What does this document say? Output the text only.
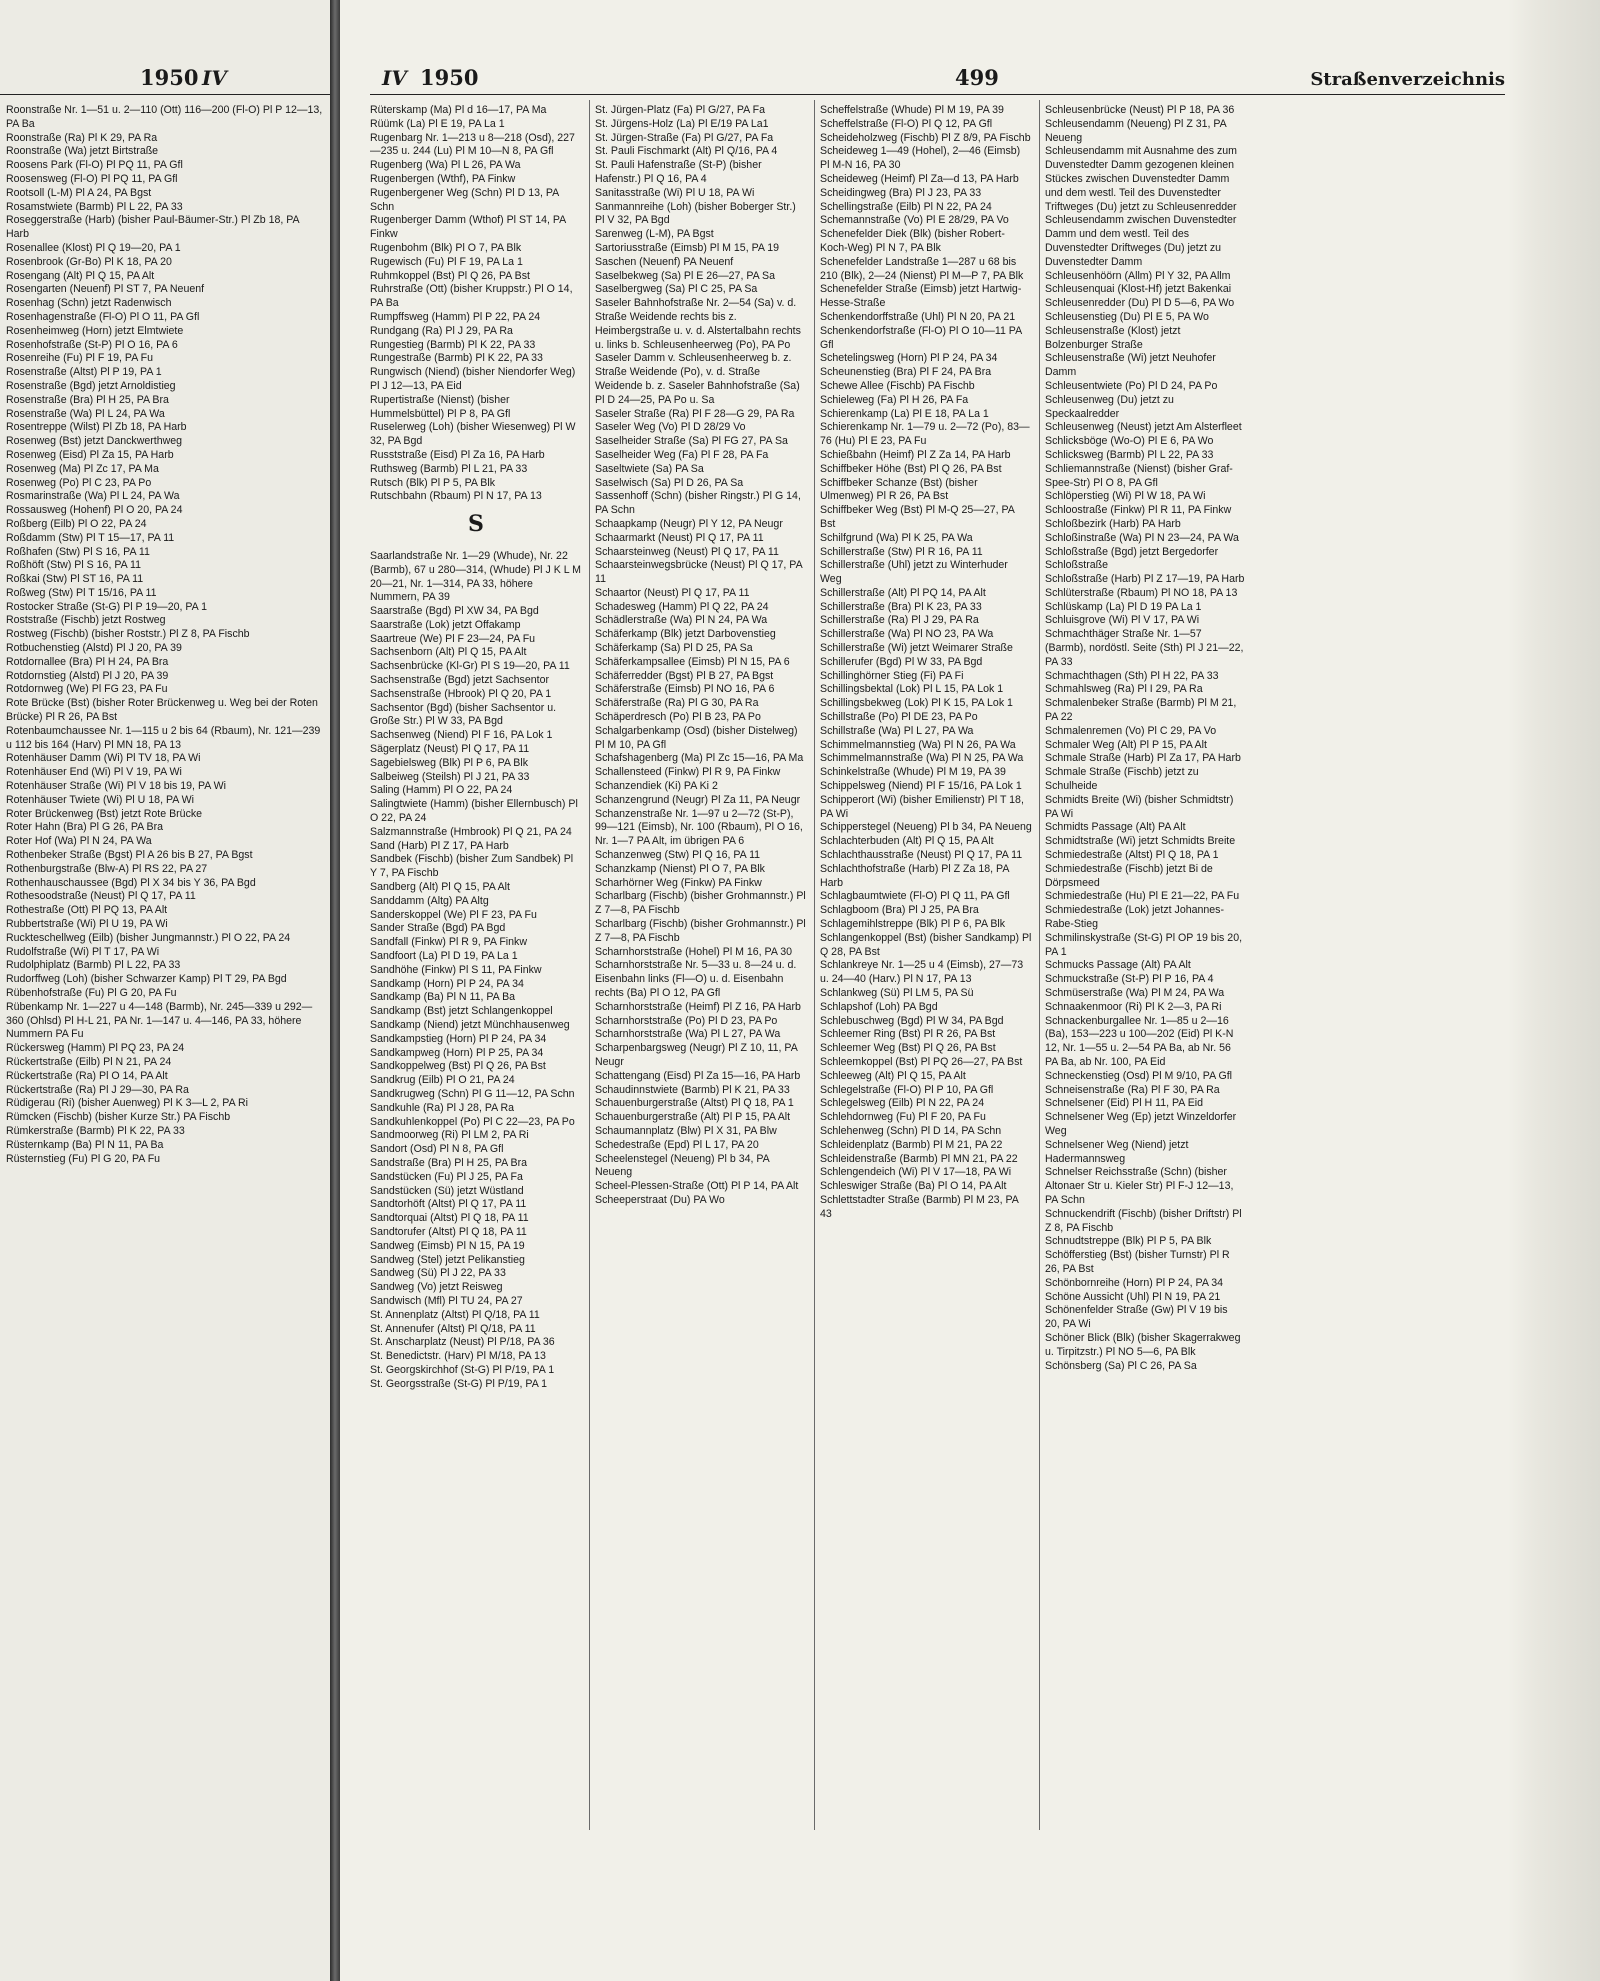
1950 IV
Roonstraße Nr. 1—51 u. 2—110 (Ott) 116—200 (Fl-O) Pl P 12—13, PA Ba
Roonstraße (Ra) Pl K 29, PA Ra
Roonstraße (Wa) jetzt Birtstraße
Roosens Park (Fl-O) Pl PQ 11, PA Gfl
Roosensweg (Fl-O) Pl PQ 11, PA Gfl
Rootsoll (L-M) Pl A 24, PA Bgst
Rosamstwiete (Barmb) Pl L 22, PA 33
Roseggerstraße (Harb) (bisher Paul-Bäumer-Str.) Pl Zb 18, PA Harb
Rosenallee (Klost) Pl Q 19—20, PA 1
Rosenbrook (Gr-Bo) Pl K 18, PA 20
Rosengang (Alt) Pl Q 15, PA Alt
Rosengarten (Neuenf) Pl ST 7, PA Neuenf
Rosenhag (Schn) jetzt Radenwisch
Rosenhagenstraße (Fl-O) Pl O 11, PA Gfl
Rosenheimweg (Horn) jetzt Elmtwiete
Rosenhofstraße (St-P) Pl O 16, PA 6
Rosenreihe (Fu) Pl F 19, PA Fu
Rosenstraße (Altst) Pl P 19, PA 1
Rosenstraße (Bgd) jetzt Arnoldistieg
Rosenstraße (Bra) Pl H 25, PA Bra
Rosenstraße (Wa) Pl L 24, PA Wa
Rosentreppe (Wilst) Pl Zb 18, PA Harb
Rosenweg (Bst) jetzt Danckwerthweg
Rosenweg (Eisd) Pl Za 15, PA Harb
Rosenweg (Ma) Pl Zc 17, PA Ma
Rosenweg (Po) Pl C 23, PA Po
Rosmarinstraße (Wa) Pl L 24, PA Wa
Rossausweg (Hohenf) Pl O 20, PA 24
Roßberg (Eilb) Pl O 22, PA 24
Roßdamm (Stw) Pl T 15—17, PA 11
Roßhafen (Stw) Pl S 16, PA 11
Roßhöft (Stw) Pl S 16, PA 11
Roßkai (Stw) Pl ST 16, PA 11
Roßweg (Stw) Pl T 15/16, PA 11
Rostocker Straße (St-G) Pl P 19—20, PA 1
Roststraße (Fischb) jetzt Rostweg
Rostweg (Fischb) (bisher Roststr.) Pl Z 8, PA Fischb
Rotbuchenstieg (Alstd) Pl J 20, PA 39
Rotdornallee (Bra) Pl H 24, PA Bra
Rotdornstieg (Alstd) Pl J 20, PA 39
Rotdornweg (We) Pl FG 23, PA Fu
Rote Brücke (Bst) (bisher Roter Brückenweg u. Weg bei der Roten Brücke) Pl R 26, PA Bst
Rotenbaumchaussee Nr. 1—115 u 2 bis 64 (Rbaum), Nr. 121—239 u 112 bis 164 (Harv) Pl MN 18, PA 13
Rotenhäuser Damm (Wi) Pl TV 18, PA Wi
Rotenhäuser End (Wi) Pl V 19, PA Wi
Rotenhäuser Straße (Wi) Pl V 18 bis 19, PA Wi
Rotenhäuser Twiete (Wi) Pl U 18, PA Wi
Roter Brückenweg (Bst) jetzt Rote Brücke
Roter Hahn (Bra) Pl G 26, PA Bra
Roter Hof (Wa) Pl N 24, PA Wa
Rothenbeker Straße (Bgst) Pl A 26 bis B 27, PA Bgst
Rothenburgstraße (Blw-A) Pl RS 22, PA 27
Rothenhauschaussee (Bgd) Pl X 34 bis Y 36, PA Bgd
Rothesoodstraße (Neust) Pl Q 17, PA 11
Rothestraße (Ott) Pl PQ 13, PA Alt
Rubbertstraße (Wi) Pl U 19, PA Wi
Ruckteschellweg (Eilb) (bisher Jungmannstr.) Pl O 22, PA 24
Rudolfstraße (Wi) Pl T 17, PA Wi
Rudolphiplatz (Barmb) Pl L 22, PA 33
Rudorffweg (Loh) (bisher Schwarzer Kamp) Pl T 29, PA Bgd
Rübenhofstraße (Fu) Pl G 20, PA Fu
Rübenkamp Nr. 1—227 u 4—148 (Barmb), Nr. 245—339 u 292—360 (Ohlsd) Pl H-L 21, PA Nr. 1—147 u. 4—146, PA 33, höhere Nummern PA Fu
Rückersweg (Hamm) Pl PQ 23, PA 24
Rückertstraße (Eilb) Pl N 21, PA 24
Rückertstraße (Ra) Pl O 14, PA Alt
Rückertstraße (Ra) Pl J 29—30, PA Ra
Rüdigerau (Ri) (bisher Auenweg) Pl K 3—L 2, PA Ri
Rümcken (Fischb) (bisher Kurze Str.) PA Fischb
Rümkerstraße (Barmb) Pl K 22, PA 33
Rüsternkamp (Ba) Pl N 11, PA Ba
Rüsternstieg (Fu) Pl G 20, PA Fu
IV 1950	499	Straßenverzeichnis
Rüterskamp (Ma) Pl d 16—17, PA Ma
Rüümk (La) Pl E 19, PA La 1
Rugenbarg Nr. 1—213 u 8—218 (Osd), 227—235 u. 244 (Lu) Pl M 10—N 8, PA Gfl
Rugenberg (Wa) Pl L 26, PA Wa
Rugenbergen (Wthf), PA Finkw
Rugenbergener Weg (Schn) Pl D 13, PA Schn
Rugenberger Damm (Wthof) Pl ST 14, PA Finkw
Rugenbohm (Blk) Pl O 7, PA Blk
Rugewisch (Fu) Pl F 19, PA La 1
Ruhmkoppel (Bst) Pl Q 26, PA Bst
Ruhrstraße (Ott) (bisher Kruppstr.) Pl O 14, PA Ba
Rumpffsweg (Hamm) Pl P 22, PA 24
Rundgang (Ra) Pl J 29, PA Ra
Rungestieg (Barmb) Pl K 22, PA 33
Rungestraße (Barmb) Pl K 22, PA 33
Rungwisch (Niend) (bisher Niendorfer Weg) Pl J 12—13, PA Eid
Rupertistraße (Nienst) (bisher Hummelsbüttel) Pl P 8, PA Gfl
Ruselerweg (Loh) (bisher Wiesenweg) Pl W 32, PA Bgd
Rusststraße (Eisd) Pl Za 16, PA Harb
Ruthsweg (Barmb) Pl L 21, PA 33
Rutsch (Blk) Pl P 5, PA Blk
Rutschbahn (Rbaum) Pl N 17, PA 13
S
Saarlandstraße Nr. 1—29 (Whude), Nr. 22 (Barmb), 67 u 280—314, (Whude) Pl J K L M 20—21, Nr. 1—314, PA 33, höhere Nummern, PA 39
Saarstraße (Bgd) Pl XW 34, PA Bgd
Saarstraße (Lok) jetzt Offakamp
Saartreue (We) Pl F 23—24, PA Fu
Sachsenborn (Alt) Pl Q 15, PA Alt
Sachsenbrücke (Kl-Gr) Pl S 19—20, PA 11
Sachsenstraße (Bgd) jetzt Sachsentor
Sachsenstraße (Hbrook) Pl Q 20, PA 1
Sachsentor (Bgd) (bisher Sachsentor u. Große Str.) Pl W 33, PA Bgd
Sachsenweg (Niend) Pl F 16, PA Lok 1
Sägerplatz (Neust) Pl Q 17, PA 11
Sagebielsweg (Blk) Pl P 6, PA Blk
Salbeiweg (Steilsh) Pl J 21, PA 33
Saling (Hamm) Pl O 22, PA 24
Salingtwiete (Hamm) (bisher Ellernbusch) Pl O 22, PA 24
Salzmannstraße (Hmbrook) Pl Q 21, PA 24
Sand (Harb) Pl Z 17, PA Harb
Sandbek (Fischb) (bisher Zum Sandbek) Pl Y 7, PA Fischb
Sandberg (Alt) Pl Q 15, PA Alt
Sanddamm (Altg) PA Altg
Sanderskoppel (We) Pl F 23, PA Fu
Sander Straße (Bgd) PA Bgd
Sandfall (Finkw) Pl R 9, PA Finkw
Sandfoort (La) Pl D 19, PA La 1
Sandhöhe (Finkw) Pl S 11, PA Finkw
Sandkamp (Horn) Pl P 24, PA 34
Sandkamp (Ba) Pl N 11, PA Ba
Sandkamp (Bst) jetzt Schlangenkoppel
Sandkamp (Niend) jetzt Münchhausenweg
Sandkampstieg (Horn) Pl P 24, PA 34
Sandkampweg (Horn) Pl P 25, PA 34
Sandkoppelweg (Bst) Pl Q 26, PA Bst
Sandkrug (Eilb) Pl O 21, PA 24
Sandkrugweg (Schn) Pl G 11—12, PA Schn
Sandkuhle (Ra) Pl J 28, PA Ra
Sandkuhlenkoppel (Po) Pl C 22—23, PA Po
Sandmoorweg (Ri) Pl LM 2, PA Ri
Sandort (Osd) Pl N 8, PA Gfl
Sandstraße (Bra) Pl H 25, PA Bra
Sandstücken (Fu) Pl J 25, PA Fa
Sandstücken (Sü) jetzt Wüstland
Sandtorhöft (Altst) Pl Q 17, PA 11
Sandtorquai (Altst) Pl Q 18, PA 11
Sandtorufer (Altst) Pl Q 18, PA 11
Sandweg (Eimsb) Pl N 15, PA 19
Sandweg (Stel) jetzt Pelikanstieg
Sandweg (Sü) Pl J 22, PA 33
Sandweg (Vo) jetzt Reisweg
Sandwisch (Mfl) Pl TU 24, PA 27
St. Annenplatz (Altst) Pl Q/18, PA 11
St. Annenufer (Altst) Pl Q/18, PA 11
St. Anscharplatz (Neust) Pl P/18, PA 36
St. Benedictstr. (Harv) Pl M/18, PA 13
St. Georgskirchhof (St-G) Pl P/19, PA 1
St. Georgsstraße (St-G) Pl P/19, PA 1
St. Jürgen-Platz (Fa) Pl G/27, PA Fa
St. Jürgens-Holz (La) Pl E/19 PA La1
St. Jürgen-Straße (Fa) Pl G/27, PA Fa
St. Pauli Fischmarkt (Alt) Pl Q/16, PA 4
St. Pauli Hafenstraße (St-P) (bisher Hafenstr.) Pl Q 16, PA 4
Sanitasstraße (Wi) Pl U 18, PA Wi
Sanmannreihe (Loh) (bisher Boberger Str.) Pl V 32, PA Bgd
Sarenweg (L-M), PA Bgst
Sartoriusstraße (Eimsb) Pl M 15, PA 19
Saschen (Neuenf) PA Neuenf
Saselbekweg (Sa) Pl E 26—27, PA Sa
Saselbergweg (Sa) Pl C 25, PA Sa
Saseler Bahnhofstraße Nr. 2—54 (Sa) v. d. Straße Weidende rechts bis z. Heimbergstraße u. v. d. Alstertalbahn rechts u. links b. Schleusenheerweg (Po), PA Po
Saseler Damm v. Schleusenheerweg b. z. Straße Weidende (Po), v. d. Straße Weidende b. z. Saseler Bahnhofstraße (Sa) Pl D 24—25, PA Po u. Sa
Saseler Straße (Ra) Pl F 28—G 29, PA Ra
Saseler Weg (Vo) Pl D 28/29 Vo
Saselheider Straße (Sa) Pl FG 27, PA Sa
Saselheider Weg (Fa) Pl F 28, PA Fa
Saseltwiete (Sa) PA Sa
Saselwisch (Sa) Pl D 26, PA Sa
Sassenhoff (Schn) (bisher Ringstr.) Pl G 14, PA Schn
Schaapkamp (Neugr) Pl Y 12, PA Neugr
Schaarmarkt (Neust) Pl Q 17, PA 11
Schaarsteinweg (Neust) Pl Q 17, PA 11
Schaarsteinwegsbrücke (Neust) Pl Q 17, PA 11
Schaartor (Neust) Pl Q 17, PA 11
Schadesweg (Hamm) Pl Q 22, PA 24
Schädlerstraße (Wa) Pl N 24, PA Wa
Schäferkamp (Blk) jetzt Darbovenstieg
Schäferkamp (Sa) Pl D 25, PA Sa
Schäferkampsallee (Eimsb) Pl N 15, PA 6
Schäferredder (Bgst) Pl B 27, PA Bgst
Schäferstraße (Eimsb) Pl NO 16, PA 6
Schäferstraße (Ra) Pl G 30, PA Ra
Schäperdresch (Po) Pl B 23, PA Po
Schalgarbenkamp (Osd) (bisher Distelweg) Pl M 10, PA Gfl
Schafshagenberg (Ma) Pl Zc 15—16, PA Ma
Schallensteed (Finkw) Pl R 9, PA Finkw
Schanzendiek (Ki) PA Ki 2
Schanzengrund (Neugr) Pl Za 11, PA Neugr
Schanzenstraße Nr. 1—97 u 2—72 (St-P), 99—121 (Eimsb), Nr. 100 (Rbaum), Pl O 16, Nr. 1—7 PA Alt, im übrigen PA 6
Schanzenweg (Stw) Pl Q 16, PA 11
Schanzkamp (Nienst) Pl O 7, PA Blk
Scharhörner Weg (Finkw) PA Finkw
Scharlbarg (Fischb) (bisher Grohmannstr.) Pl Z 7—8, PA Fischb
Scharlbarg (Fischb) (bisher Grohmannstr.) Pl Z 7—8, PA Fischb
Scharnhorststraße (Hohel) Pl M 16, PA 30
Scharnhorststraße Nr. 5—33 u. 8—24 u. d. Eisenbahn links (Fl—O) u. d. Eisenbahn rechts (Ba) Pl O 12, PA Gfl
Scharnhorststraße (Heimf) Pl Z 16, PA Harb
Scharnhorststraße (Po) Pl D 23, PA Po
Scharnhorststraße (Wa) Pl L 27, PA Wa
Scharpenbargsweg (Neugr) Pl Z 10, 11, PA Neugr
Schattengang (Eisd) Pl Za 15—16, PA Harb
Schaudinnstwiete (Barmb) Pl K 21, PA 33
Schauenburgerstraße (Altst) Pl Q 18, PA 1
Schauenburgerstraße (Alt) Pl P 15, PA Alt
Schaumannplatz (Blw) Pl X 31, PA Blw
Schedestraße (Epd) Pl L 17, PA 20
Scheelenstegel (Neueng) Pl b 34, PA Neueng
Scheel-Plessen-Straße (Ott) Pl P 14, PA Alt
Scheeperstraat (Du) PA Wo
Scheffelstraße (Whude) Pl M 19, PA 39
Scheffelstraße (Fl-O) Pl Q 12, PA Gfl
Scheideholzweg (Fischb) Pl Z 8/9, PA Fischb
Scheideweg 1—49 (Hohel), 2—46 (Eimsb) Pl M-N 16, PA 30
Scheideweg (Heimf) Pl Za—d 13, PA Harb
Scheidingweg (Bra) Pl J 23, PA 33
Schellingstraße (Eilb) Pl N 22, PA 24
Schemannstraße (Vo) Pl E 28/29, PA Vo
Schenefelder Diek (Blk) (bisher Robert-Koch-Weg) Pl N 7, PA Blk
Schenefelder Landstraße 1—287 u 68 bis 210 (Blk), 2—24 (Nienst) Pl M—P 7, PA Blk
Schenefelder Straße (Eimsb) jetzt Hartwig-Hesse-Straße
Schenkendorffstraße (Uhl) Pl N 20, PA 21
Schenkendorfstraße (Fl-O) Pl O 10—11 PA Gfl
Schetelingsweg (Horn) Pl P 24, PA 34
Scheunenstieg (Bra) Pl F 24, PA Bra
Schewe Allee (Fischb) PA Fischb
Schieleweg (Fa) Pl H 26, PA Fa
Schierenkamp (La) Pl E 18, PA La 1
Schierenkamp Nr. 1—79 u. 2—72 (Po), 83—76 (Hu) Pl E 23, PA Fu
Schießbahn (Heimf) Pl Z Za 14, PA Harb
Schiffbeker Höhe (Bst) Pl Q 26, PA Bst
Schiffbeker Schanze (Bst) (bisher Ulmenweg) Pl R 26, PA Bst
Schiffbeker Weg (Bst) Pl M-Q 25—27, PA Bst
Schilfgrund (Wa) Pl K 25, PA Wa
Schillerstraße (Stw) Pl R 16, PA 11
Schillerstraße (Uhl) jetzt zu Winterhuder Weg
Schillerstraße (Alt) Pl PQ 14, PA Alt
Schillerstraße (Bra) Pl K 23, PA 33
Schillerstraße (Ra) Pl J 29, PA Ra
Schillerstraße (Wa) Pl NO 23, PA Wa
Schillerstraße (Wi) jetzt Weimarer Straße
Schillerufer (Bgd) Pl W 33, PA Bgd
Schillinghörner Stieg (Fi) PA Fi
Schillingsbektal (Lok) Pl L 15, PA Lok 1
Schillingsbekweg (Lok) Pl K 15, PA Lok 1
Schillstraße (Po) Pl DE 23, PA Po
Schillstraße (Wa) Pl L 27, PA Wa
Schimmelmannstieg (Wa) Pl N 26, PA Wa
Schimmelmannstraße (Wa) Pl N 25, PA Wa
Schinkelstraße (Whude) Pl M 19, PA 39
Schippelsweg (Niend) Pl F 15/16, PA Lok 1
Schipperort (Wi) (bisher Emilienstr) Pl T 18, PA Wi
Schipperstegel (Neueng) Pl b 34, PA Neueng
Schlachterbuden (Alt) Pl Q 15, PA Alt
Schlachthausstraße (Neust) Pl Q 17, PA 11
Schlachthofstraße (Harb) Pl Z Za 18, PA Harb
Schlagbaumtwiete (Fl-O) Pl Q 11, PA Gfl
Schlagboom (Bra) Pl J 25, PA Bra
Schlagemihlstreppe (Blk) Pl P 6, PA Blk
Schlangenkoppel (Bst) (bisher Sandkamp) Pl Q 28, PA Bst
Schlankreye Nr. 1—25 u 4 (Eimsb), 27—73 u. 24—40 (Harv.) Pl N 17, PA 13
Schlankweg (Sü) Pl LM 5, PA Sü
Schlapshof (Loh) PA Bgd
Schlebuschweg (Bgd) Pl W 34, PA Bgd
Schleemer Ring (Bst) Pl R 26, PA Bst
Schleemer Weg (Bst) Pl Q 26, PA Bst
Schleemkoppel (Bst) Pl PQ 26—27, PA Bst
Schleeweg (Alt) Pl Q 15, PA Alt
Schlegelstraße (Fl-O) Pl P 10, PA Gfl
Schlegelsweg (Eilb) Pl N 22, PA 24
Schlehdornweg (Fu) Pl F 20, PA Fu
Schlehenweg (Schn) Pl D 14, PA Schn
Schleidenplatz (Barmb) Pl M 21, PA 22
Schleidenstraße (Barmb) Pl MN 21, PA 22
Schlengendeich (Wi) Pl V 17—18, PA Wi
Schleswiger Straße (Ba) Pl O 14, PA Alt
Schlettstadter Straße (Barmb) Pl M 23, PA 43
Schleusenbrücke (Neust) Pl P 18, PA 36
Schleusendamm (Neueng) Pl Z 31, PA Neueng
Schleusendamm mit Ausnahme des zum Duvenstedter Damm gezogenen kleinen Stückes zwischen Duvenstedter Damm und dem westl. Teil des Duvenstedter Triftweges (Du) jetzt zu Schleusenredder
Schleusendamm zwischen Duvenstedter Damm und dem westl. Teil des Duvenstedter Driftweges (Du) jetzt zu Duvenstedter Damm
Schleusenhöörn (Allm) Pl Y 32, PA Allm
Schleusenquai (Klost-Hf) jetzt Bakenkai
Schleusenredder (Du) Pl D 5—6, PA Wo
Schleusenstieg (Du) Pl E 5, PA Wo
Schleusenstraße (Klost) jetzt Bolzenburger Straße
Schleusenstraße (Wi) jetzt Neuhofer Damm
Schleusentwiete (Po) Pl D 24, PA Po
Schleusenweg (Du) jetzt zu Speckaalredder
Schleusenweg (Neust) jetzt Am Alsterfleet
Schlicksböge (Wo-O) Pl E 6, PA Wo
Schlicksweg (Barmb) Pl L 22, PA 33
Schliemannstraße (Nienst) (bisher Graf-Spee-Str) Pl O 8, PA Gfl
Schlöperstieg (Wi) Pl W 18, PA Wi
Schloostraße (Finkw) Pl R 11, PA Finkw
Schloßbezirk (Harb) PA Harb
Schloßinstraße (Wa) Pl N 23—24, PA Wa
Schloßstraße (Bgd) jetzt Bergedorfer Schloßstraße
Schloßstraße (Harb) Pl Z 17—19, PA Harb
Schlüterstraße (Rbaum) Pl NO 18, PA 13
Schlüskamp (La) Pl D 19 PA La 1
Schluisgrove (Wi) Pl V 17, PA Wi
Schmachthäger Straße Nr. 1—57 (Barmb), nordöstl. Seite (Sth) Pl J 21—22, PA 33
Schmachthagen (Sth) Pl H 22, PA 33
Schmahlsweg (Ra) Pl I 29, PA Ra
Schmalenbeker Straße (Barmb) Pl M 21, PA 22
Schmalenremen (Vo) Pl C 29, PA Vo
Schmaler Weg (Alt) Pl P 15, PA Alt
Schmale Straße (Harb) Pl Za 17, PA Harb
Schmale Straße (Fischb) jetzt zu Schulheide
Schmidts Breite (Wi) (bisher Schmidtstr) PA Wi
Schmidts Passage (Alt) PA Alt
Schmidtstraße (Wi) jetzt Schmidts Breite
Schmiedestraße (Altst) Pl Q 18, PA 1
Schmiedestraße (Fischb) jetzt Bi de Dörpsmeed
Schmiedestraße (Hu) Pl E 21—22, PA Fu
Schmiedestraße (Lok) jetzt Johannes-Rabe-Stieg
Schmilinskystraße (St-G) Pl OP 19 bis 20, PA 1
Schmucks Passage (Alt) PA Alt
Schmuckstraße (St-P) Pl P 16, PA 4
Schmüserstraße (Wa) Pl M 24, PA Wa
Schnaakenmoor (Ri) Pl K 2—3, PA Ri
Schnackenburgallee Nr. 1—85 u 2—16 (Ba), 153—223 u 100—202 (Eid) Pl K-N 12, Nr. 1—55 u. 2—54 PA Ba, ab Nr. 56 PA Ba, ab Nr. 100, PA Eid
Schneckenstieg (Osd) Pl M 9/10, PA Gfl
Schneisenstraße (Ra) Pl F 30, PA Ra
Schnelsener (Eid) Pl H 11, PA Eid
Schnelsener Weg (Ep) jetzt Winzeldorfer Weg
Schnelsener Weg (Niend) jetzt Hadermannsweg
Schnelser Reichsstraße (Schn) (bisher Altonaer Str u. Kieler Str) Pl F-J 12—13, PA Schn
Schnuckendrift (Fischb) (bisher Driftstr) Pl Z 8, PA Fischb
Schnudtstreppe (Blk) Pl P 5, PA Blk
Schöfferstieg (Bst) (bisher Turnstr) Pl R 26, PA Bst
Schönbornreihe (Horn) Pl P 24, PA 34
Schöne Aussicht (Uhl) Pl N 19, PA 21
Schönenfelder Straße (Gw) Pl V 19 bis 20, PA Wi
Schöner Blick (Blk) (bisher Skagerrakweg u. Tirpitzstr.) Pl NO 5—6, PA Blk
Schönsberg (Sa) Pl C 26, PA Sa
